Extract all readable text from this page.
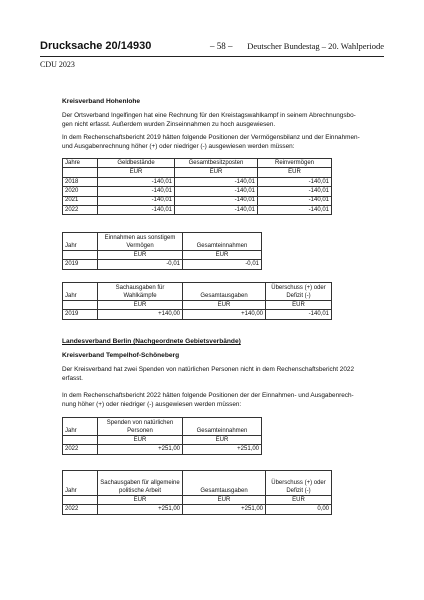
Drucksache 20/14930	– 58 – Deutscher Bundestag – 20. Wahlperiode
CDU 2023
Kreisverband Hohenlohe
Der Ortsverband Ingelfingen hat eine Rechnung für den Kreistagswahlkampf in seinem Abrechnungsbo-
gen nicht erfasst. Außerdem wurden Zinseinnahmen zu hoch ausgewiesen.
In dem Rechenschaftsbericht 2019 hätten folgende Positionen der Vermögensbilanz und der Einnahmen-
und Ausgabenrechnung höher (+) oder niedriger (-) ausgewiesen werden müssen:
Jahre	Geldbestände	Gesamtbesitzposten	Reinvermögen
	EUR	EUR	EUR
2018	-140,01	-140,01	-140,01
2020	-140,01	-140,01	-140,01
2021	-140,01	-140,01	-140,01
2022	-140,01	-140,01	-140,01
Jahr	Einnahmen aus sonstigem Vermögen	Gesamteinnahmen
	EUR	EUR
2019	-0,01	-0,01
Jahr	Sachausgaben für Wahlkämpfe	Gesamtausgaben	Überschuss (+) oder Defizit (-)
	EUR	EUR	EUR
2019	+140,00	+140,00	-140,01
Landesverband Berlin (Nachgeordnete Gebietsverbände)
Kreisverband Tempelhof-Schöneberg
Der Kreisverband hat zwei Spenden von natürlichen Personen nicht in dem Rechenschaftsbericht 2022
erfasst.
In dem Rechenschaftsbericht 2022 hätten folgende Positionen der der Einnahmen- und Ausgabenrech-
nung höher (+) oder niedriger (-) ausgewiesen werden müssen:
Jahr	Spenden von natürlichen Personen	Gesamteinnahmen
	EUR	EUR
2022	+251,00	+251,00
Jahr	Sachausgaben für allgemeine politische Arbeit	Gesamtausgaben	Überschuss (+) oder Defizit (-)
	EUR	EUR	EUR
2022	+251,00	+251,00	0,00
